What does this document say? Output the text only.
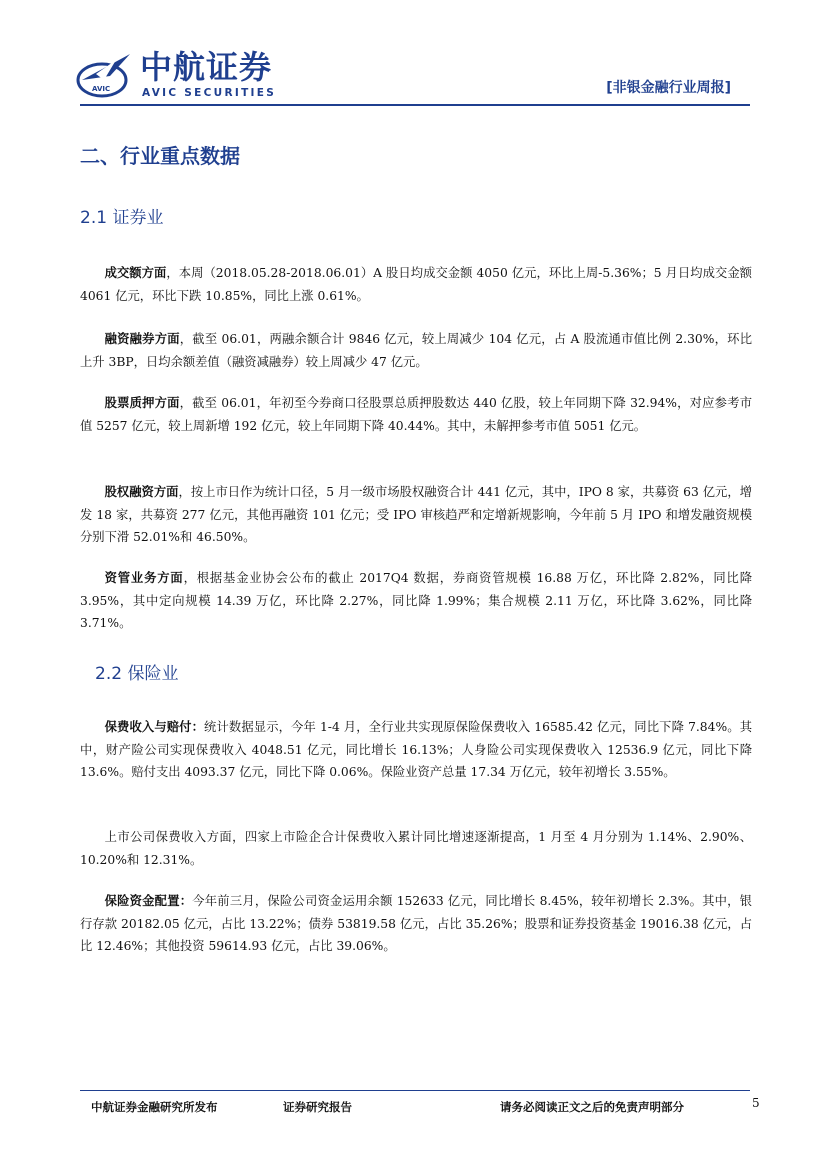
AVIC
中航证券
AVIC SECURITIES	[非银金融行业周报]
二、行业重点数据
2.1 证券业
成交额方面，本周（2018.05.28-2018.06.01）A 股日均成交金额 4050 亿元，环比上周-5.36%；5 月日均成交金额 4061 亿元，环比下跌 10.85%，同比上涨 0.61%。
融资融券方面，截至 06.01，两融余额合计 9846 亿元，较上周减少 104 亿元，占 A 股流通市值比例 2.30%，环比上升 3BP，日均余额差值（融资减融券）较上周减少 47 亿元。
股票质押方面，截至 06.01，年初至今券商口径股票总质押股数达 440 亿股，较上年同期下降 32.94%，对应参考市值 5257 亿元，较上周新增 192 亿元，较上年同期下降 40.44%。其中，未解押参考市值 5051 亿元。
股权融资方面，按上市日作为统计口径，5 月一级市场股权融资合计 441 亿元，其中，IPO 8 家，共募资 63 亿元，增发 18 家，共募资 277 亿元，其他再融资 101 亿元；受 IPO 审核趋严和定增新规影响，今年前 5 月 IPO 和增发融资规模分别下滑 52.01%和 46.50%。
资管业务方面，根据基金业协会公布的截止 2017Q4 数据，券商资管规模 16.88 万亿，环比降 2.82%，同比降 3.95%，其中定向规模 14.39 万亿，环比降 2.27%，同比降 1.99%；集合规模 2.11 万亿，环比降 3.62%，同比降 3.71%。
2.2 保险业
保费收入与赔付：统计数据显示，今年 1-4 月，全行业共实现原保险保费收入 16585.42 亿元，同比下降 7.84%。其中，财产险公司实现保费收入 4048.51 亿元，同比增长 16.13%；人身险公司实现保费收入 12536.9 亿元，同比下降 13.6%。赔付支出 4093.37 亿元，同比下降 0.06%。保险业资产总量 17.34 万亿元，较年初增长 3.55%。
上市公司保费收入方面，四家上市险企合计保费收入累计同比增速逐渐提高，1 月至 4 月分别为 1.14%、2.90%、10.20%和 12.31%。
保险资金配置：今年前三月，保险公司资金运用余额 152633 亿元，同比增长 8.45%，较年初增长 2.3%。其中，银行存款 20182.05 亿元，占比 13.22%；债券 53819.58 亿元，占比 35.26%；股票和证券投资基金 19016.38 亿元，占比 12.46%；其他投资 59614.93 亿元，占比 39.06%。
中航证券金融研究所发布	证券研究报告	请务必阅读正文之后的免责声明部分	5
